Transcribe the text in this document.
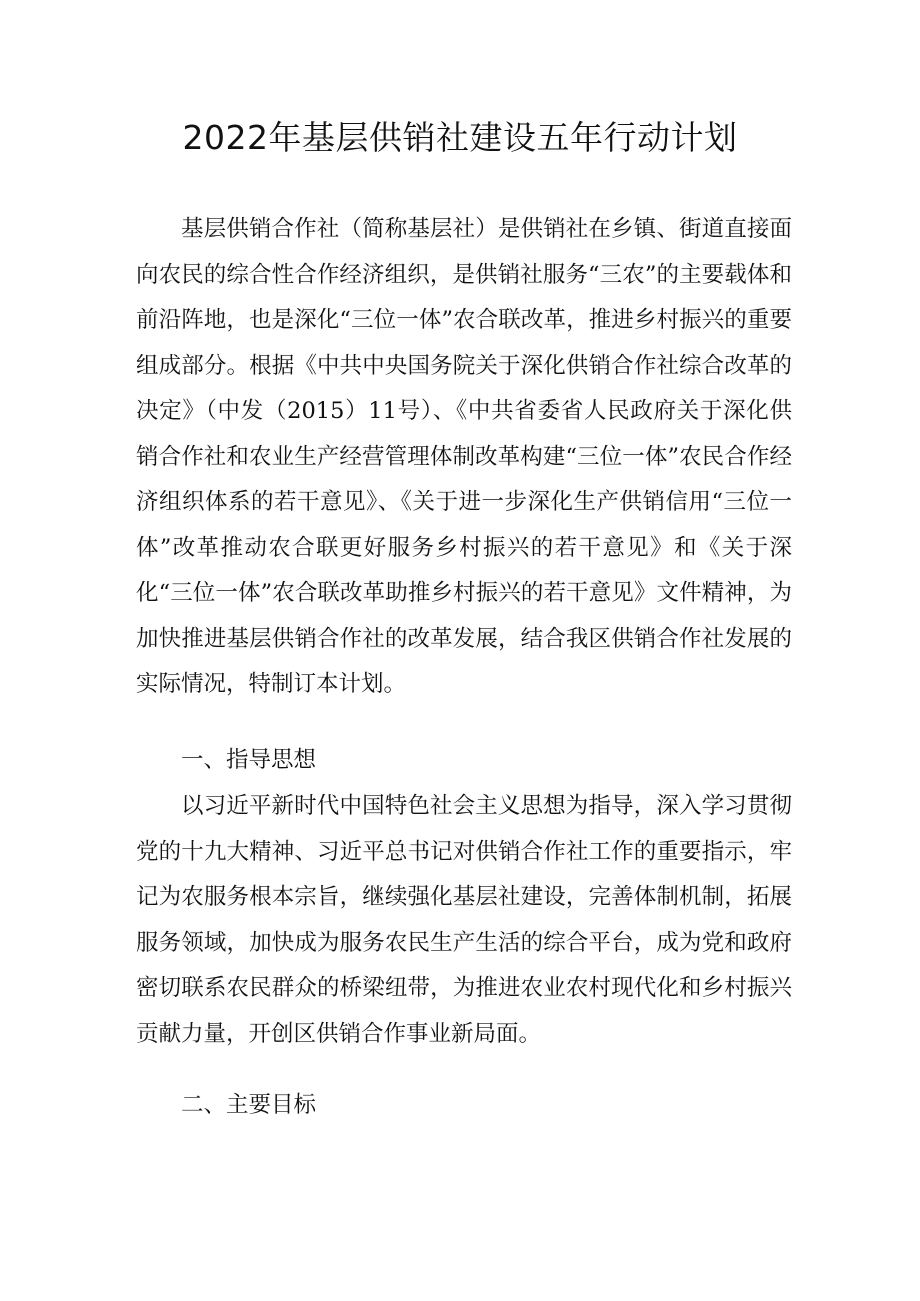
2022年基层供销社建设五年行动计划

基层供销合作社（简称基层社）是供销社在乡镇、街道直接面向农民的综合性合作经济组织，是供销社服务“三农”的主要载体和前沿阵地，也是深化“三位一体”农合联改革，推进乡村振兴的重要组成部分。根据《中共中央国务院关于深化供销合作社综合改革的决定》（中发（2015）11号）、《中共省委省人民政府关于深化供销合作社和农业生产经营管理体制改革构建“三位一体”农民合作经济组织体系的若干意见》、《关于进一步深化生产供销信用“三位一体”改革推动农合联更好服务乡村振兴的若干意见》和《关于深化“三位一体”农合联改革助推乡村振兴的若干意见》文件精神，为加快推进基层供销合作社的改革发展，结合我区供销合作社发展的实际情况，特制订本计划。

一、指导思想

以习近平新时代中国特色社会主义思想为指导，深入学习贯彻党的十九大精神、习近平总书记对供销合作社工作的重要指示，牢记为农服务根本宗旨，继续强化基层社建设，完善体制机制，拓展服务领域，加快成为服务农民生产生活的综合平台，成为党和政府密切联系农民群众的桥梁纽带，为推进农业农村现代化和乡村振兴贡献力量，开创区供销合作事业新局面。

二、主要目标
